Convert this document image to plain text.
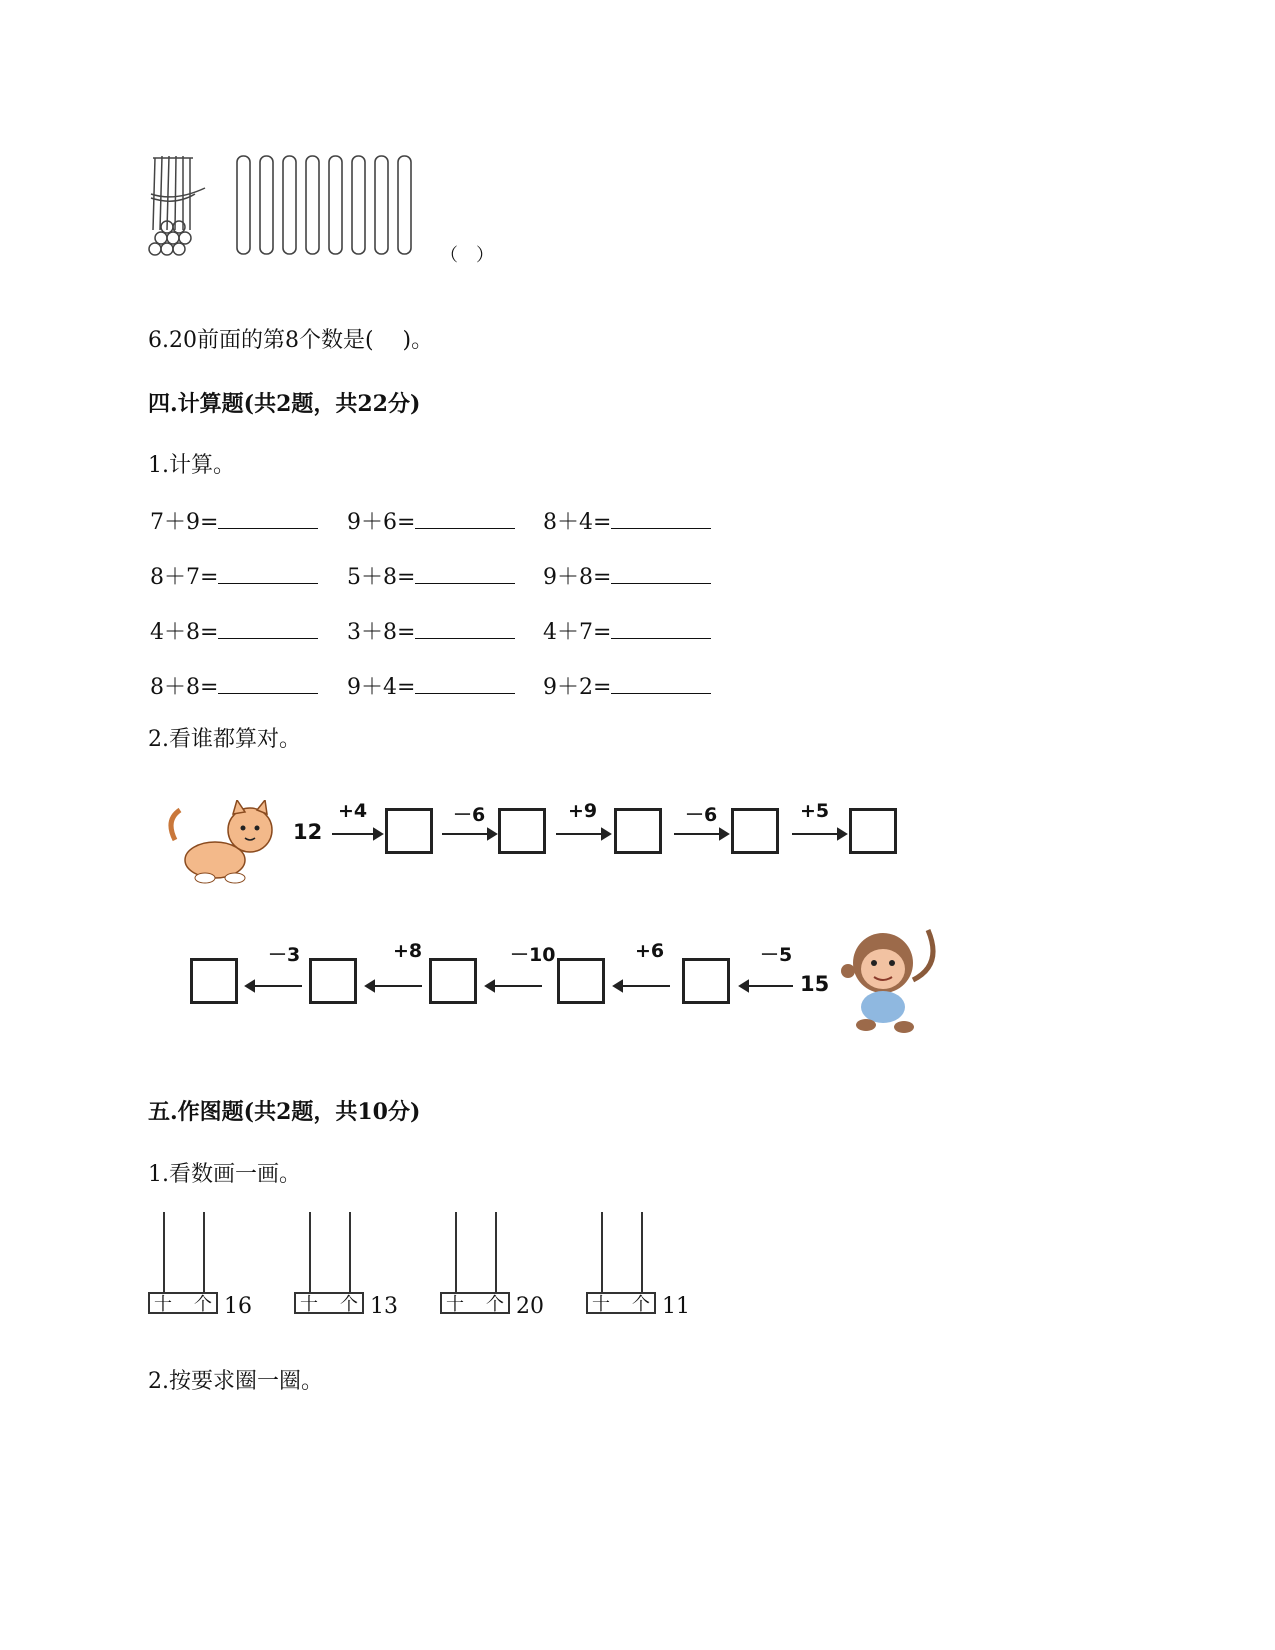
（　）
6.20前面的第8个数是(　 )。
四.计算题(共2题，共22分)
1.计算。
7＋9=	9＋6=	8＋4=
8＋7=	5＋8=	9＋8=
4＋8=	3＋8=	4＋7=
8＋8=	9＋4=	9＋2=
2.看谁都算对。
12
+4	－6	+9	－6	+5
－3	+8	－10	+6	－5
15
五.作图题(共2题，共10分)
1.看数画一画。
十 个 16	十 个 13	十 个 20	十 个 11
2.按要求圈一圈。
